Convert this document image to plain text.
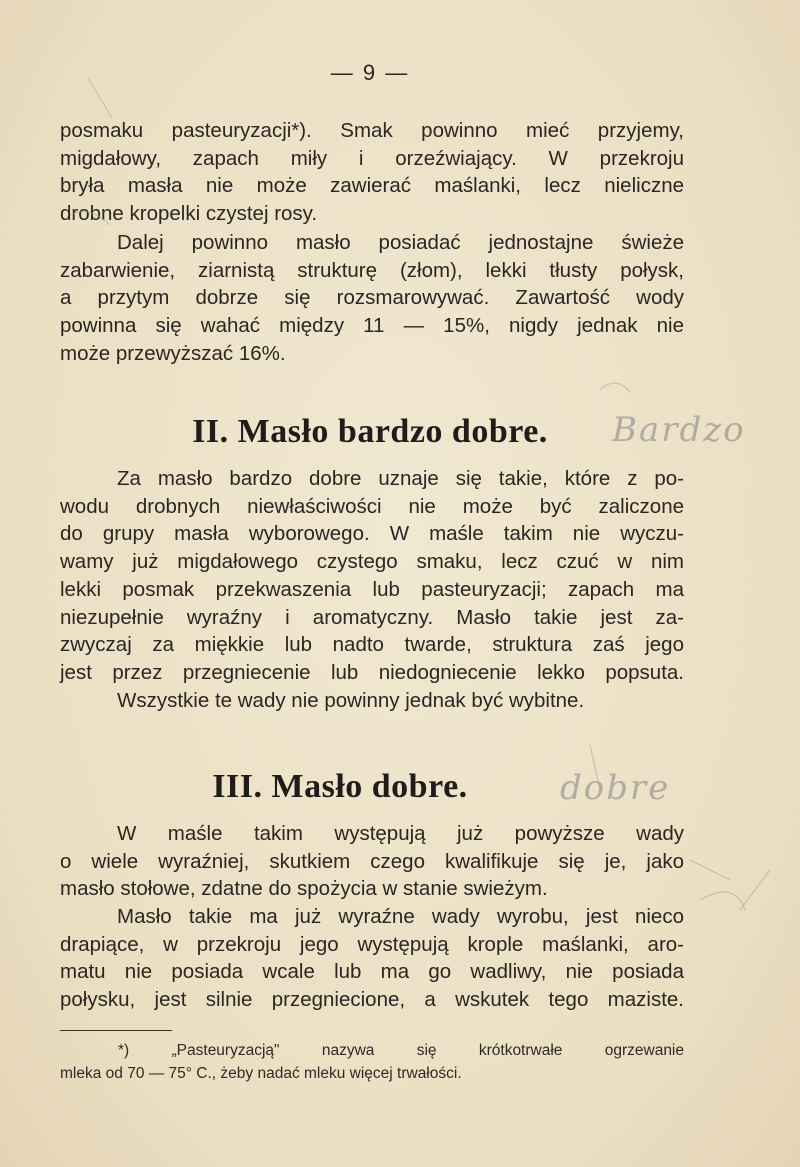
— 9 —
posmaku pasteuryzacji*). Smak powinno mieć przyjemy,
migdałowy, zapach miły i orzeźwiający. W przekroju
bryła masła nie może zawierać maślanki, lecz nieliczne
drobne kropelki czystej rosy.
Dalej powinno masło posiadać jednostajne świeże
zabarwienie, ziarnistą strukturę (złom), lekki tłusty połysk,
a przytym dobrze się rozsmarowywać. Zawartość wody
powinna się wahać między 11 — 15%, nigdy jednak nie
może przewyższać 16%.
II. Masło bardzo dobre.	Bardzo
Za masło bardzo dobre uznaje się takie, które z po-
wodu drobnych niewłaściwości nie może być zaliczone
do grupy masła wyborowego. W maśle takim nie wyczu-
wamy już migdałowego czystego smaku, lecz czuć w nim
lekki posmak przekwaszenia lub pasteuryzacji; zapach ma
niezupełnie wyraźny i aromatyczny. Masło takie jest za-
zwyczaj za miękkie lub nadto twarde, struktura zaś jego
jest przez przegniecenie lub niedogniecenie lekko popsuta.
Wszystkie te wady nie powinny jednak być wybitne.
III. Masło dobre.	dobre
W maśle takim występują już powyższe wady
o wiele wyraźniej, skutkiem czego kwalifikuje się je, jako
masło stołowe, zdatne do spożycia w stanie swieżym.
Masło takie ma już wyraźne wady wyrobu, jest nieco
drapiące, w przekroju jego występują krople maślanki, aro-
matu nie posiada wcale lub ma go wadliwy, nie posiada
połysku, jest silnie przegniecione, a wskutek tego maziste.
*) „Pasteuryzacją" nazywa się krótkotrwałe ogrzewanie
mleka od 70 — 75° C., żeby nadać mleku więcej trwałości.
